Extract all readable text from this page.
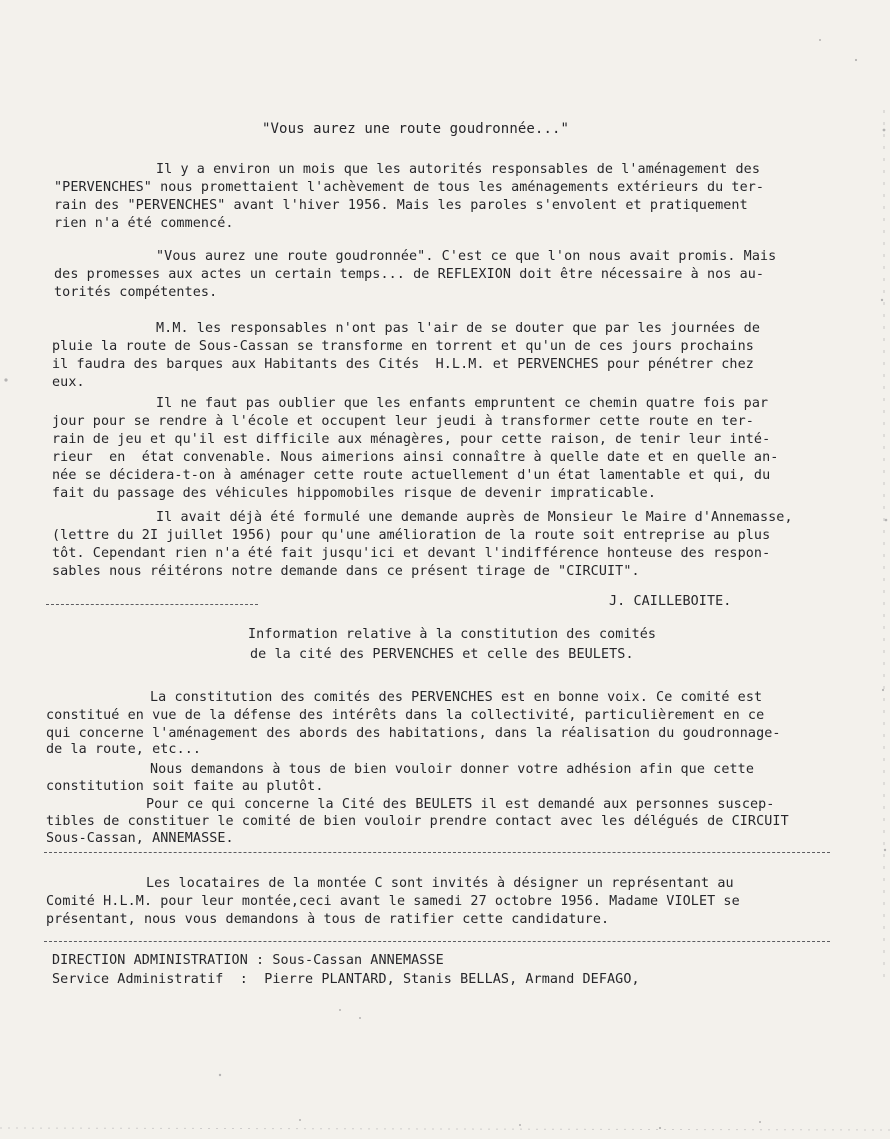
"Vous aurez une route goudronnée..."

Il y a environ un mois que les autorités responsables de l'aménagement des

"PERVENCHES" nous promettaient l'achèvement de tous les aménagements extérieurs du ter-

rain des "PERVENCHES" avant l'hiver 1956. Mais les paroles s'envolent et pratiquement

rien n'a été commencé.

"Vous aurez une route goudronnée". C'est ce que l'on nous avait promis. Mais

des promesses aux actes un certain temps... de REFLEXION doit être nécessaire à nos au-

torités compétentes.

M.M. les responsables n'ont pas l'air de se douter que par les journées de

pluie la route de Sous-Cassan se transforme en torrent et qu'un de ces jours prochains

il faudra des barques aux Habitants des Cités  H.L.M. et PERVENCHES pour pénétrer chez

eux.

Il ne faut pas oublier que les enfants empruntent ce chemin quatre fois par

jour pour se rendre à l'école et occupent leur jeudi à transformer cette route en ter-

rain de jeu et qu'il est difficile aux ménagères, pour cette raison, de tenir leur inté-

rieur  en  état convenable. Nous aimerions ainsi connaître à quelle date et en quelle an-

née se décidera-t-on à aménager cette route actuellement d'un état lamentable et qui, du

fait du passage des véhicules hippomobiles risque de devenir impraticable.

Il avait déjà été formulé une demande auprès de Monsieur le Maire d'Annemasse,

(lettre du 2I juillet 1956) pour qu'une amélioration de la route soit entreprise au plus

tôt. Cependant rien n'a été fait jusqu'ici et devant l'indifférence honteuse des respon-

sables nous réitérons notre demande dans ce présent tirage de "CIRCUIT".

J. CAILLEBOITE.

Information relative à la constitution des comités

de la cité des PERVENCHES et celle des BEULETS.

La constitution des comités des PERVENCHES est en bonne voix. Ce comité est

constitué en vue de la défense des intérêts dans la collectivité, particulièrement en ce

qui concerne l'aménagement des abords des habitations, dans la réalisation du goudronnage-

de la route, etc...

Nous demandons à tous de bien vouloir donner votre adhésion afin que cette

constitution soit faite au plutôt.

Pour ce qui concerne la Cité des BEULETS il est demandé aux personnes suscep-

tibles de constituer le comité de bien vouloir prendre contact avec les délégués de CIRCUIT

Sous-Cassan, ANNEMASSE.

Les locataires de la montée C sont invités à désigner un représentant au

Comité H.L.M. pour leur montée,ceci avant le samedi 27 octobre 1956. Madame VIOLET se

présentant, nous vous demandons à tous de ratifier cette candidature.

DIRECTION ADMINISTRATION : Sous-Cassan ANNEMASSE

Service Administratif  :  Pierre PLANTARD, Stanis BELLAS, Armand DEFAGO,
